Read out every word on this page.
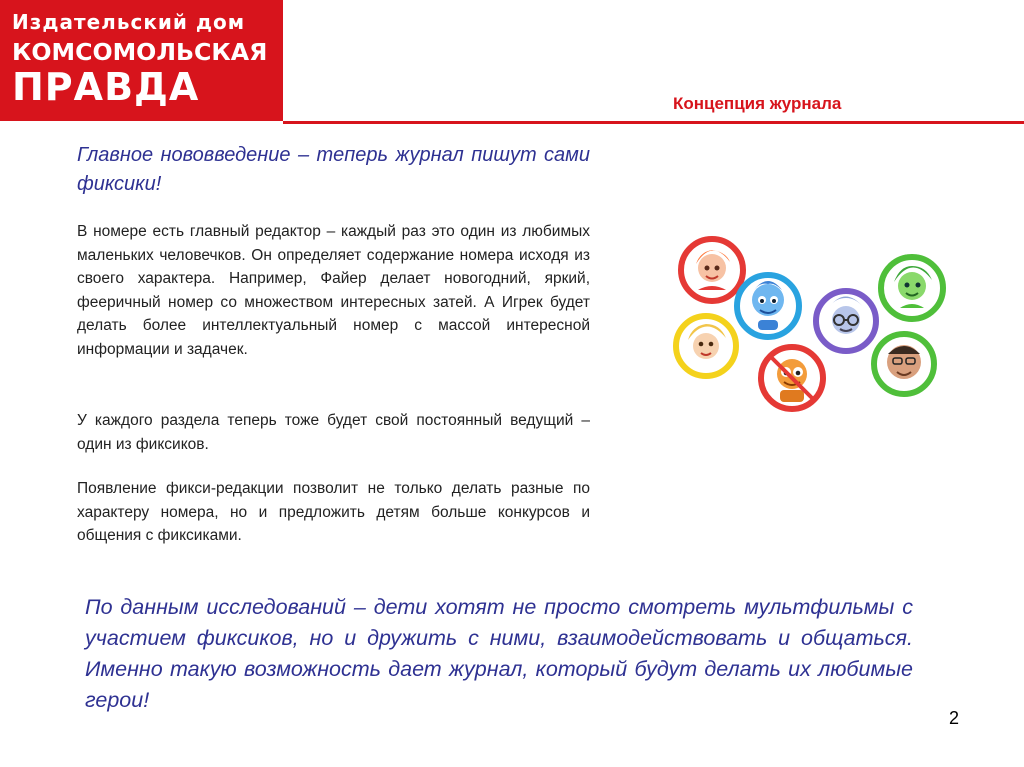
Издательский дом
КОМСОМОЛЬСКАЯ
ПРАВДА	Концепция журнала

Главное нововведение – теперь журнал пишут сами фиксики!

В номере есть главный редактор – каждый раз это один из любимых маленьких человечков. Он определяет содержание номера исходя из своего характера. Например, Файер делает новогодний, яркий, фееричный номер со множеством интересных затей. А Игрек будет делать более интеллектуальный номер с массой интересной информации и задачек.

У каждого раздела теперь тоже будет свой постоянный ведущий – один из фиксиков.

Появление фикси-редакции позволит не только делать разные по характеру номера, но и предложить детям больше конкурсов и общения с фиксиками.

По данным исследований – дети хотят не просто смотреть мультфильмы с участием фиксиков, но и дружить с ними, взаимодействовать и общаться. Именно такую возможность дает журнал, который будут делать их любимые герои!

2
